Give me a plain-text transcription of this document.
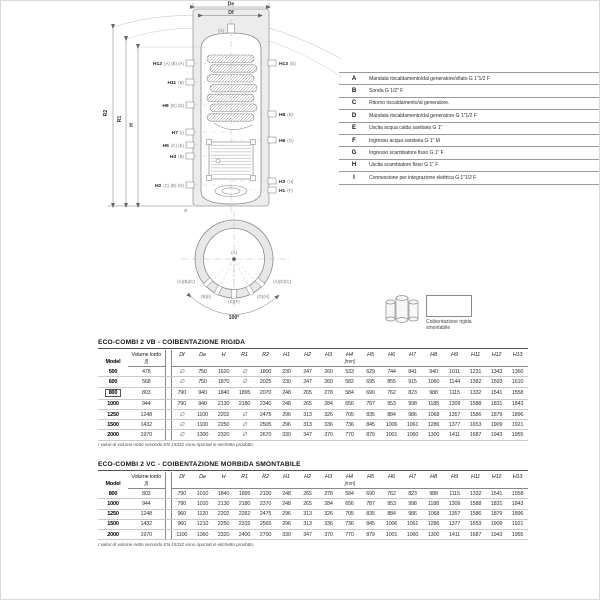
(A)
H12 (A) (B) (A)
H11 (B)
H9 (D) (D)
H7 (I)
H5 (C) (E)
H4 (B)
H2 (C) (B) (G)
H13 (E)
H8 (B)
H6 (G)
H3 (H)
H1 (F)
De
Df
R2
R1
H
0
(A)
100°
(A)(B)(C)
(B)(I)
(E)(F)
(G)(H)
(A)(D)(C)
A	Mandata riscaldamento/dal generatore/sfiato G 1"1/2 F
B	Sonda G 1/2" F
C	Ritorno riscaldamento/al generatore.
D	Mandata riscaldamento/dal generatore G 1"1/2 F
E	Uscita acqua calda sanitaria G 1"
F	Ingresso acqua sanitaria G 1" M
G	Ingresso scambiatore fisso G 1" F
H	Uscita scambiatore fisso G 1" F
I	Connessione per integrazione elettrica G 1"1/2 F
Coibentazione rigida smontabile
ECO-COMBI 2 VB - COIBENTAZIONE RIGIDA
Model	Volume lordo		Df	De	H	R1	R2	H1	H2	H3	H4	H5	H6	H7	H8	H9	H11	H12	H13
	[l]		[mm]																
500	478		∅	750	1620	∅	1800	230	247	260	533	629	744	841	940	1011	1231	1343	1360
600	568		∅	750	1870	∅	2025	230	247	260	582	695	855	915	1060	1144	1382	1593	1610
800	803		790	940	1840	1895	2070	248	265	278	584	690	762	823	988	1115	1332	1541	1558
1000	944		790	940	2130	2180	2340	248	265	284	656	787	953	998	1188	1309	1588	1831	1843
1250	1248		∅	1100	2202	∅	2475	296	313	326	705	835	884	986	1068	1357	1586	1879	1896
1500	1432		∅	1100	2250	∅	2505	296	313	336	736	845	1006	1061	1286	1377	1653	1909	1921
2000	1970		∅	1300	2320	∅	2670	330	347	370	770	879	1001	1060	1300	1411	1687	1943	1955
I valori di volume netto secondo EN 15332 sono riportati in etichetta prodotto.
ECO-COMBI 2 VC - COIBENTAZIONE MORBIDA SMONTABILE
Model	Volume lordo		Df	De	H	R1	R2	H1	H2	H3	H4	H5	H6	H7	H8	H9	H11	H12	H13
	[l]		[mm]																
800	803		790	1010	1840	1895	2100	248	265	278	584	690	762	823	988	1115	1332	1541	1558
1000	944		790	1010	2130	2180	2370	248	265	284	656	787	953	998	1188	1309	1588	1831	1843
1250	1248		960	1120	2202	2262	2475	296	313	326	705	835	884	986	1068	1357	1586	1879	1896
1500	1432		960	1210	2250	2315	2565	296	313	336	736	845	1006	1061	1286	1377	1653	1909	1921
2000	1970		1100	1360	2320	2400	2700	330	347	370	770	879	1001	1060	1300	1411	1687	1943	1955
I valori di volume netto secondo EN 15332 sono riportati in etichetta prodotto.
